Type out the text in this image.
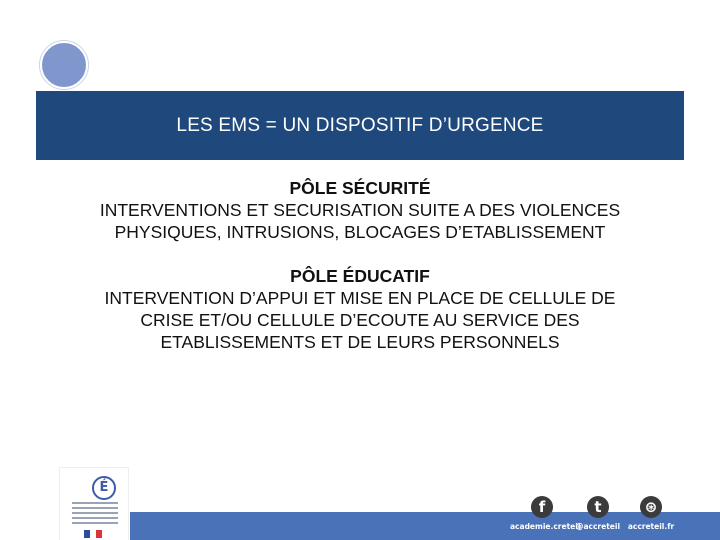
LES EMS = UN DISPOSITIF D’URGENCE
PÔLE SÉCURITÉ
INTERVENTIONS ET SECURISATION SUITE A DES VIOLENCES
PHYSIQUES, INTRUSIONS, BLOCAGES D’ETABLISSEMENT
PÔLE ÉDUCATIF
INTERVENTION D’APPUI ET MISE EN PLACE DE CELLULE DE
CRISE ET/OU CELLULE D’ECOUTE AU SERVICE DES
ETABLISSEMENTS ET DE LEURS PERSONNELS
É
f
academie.creteil
t
@accreteil
⊛
accreteil.fr
